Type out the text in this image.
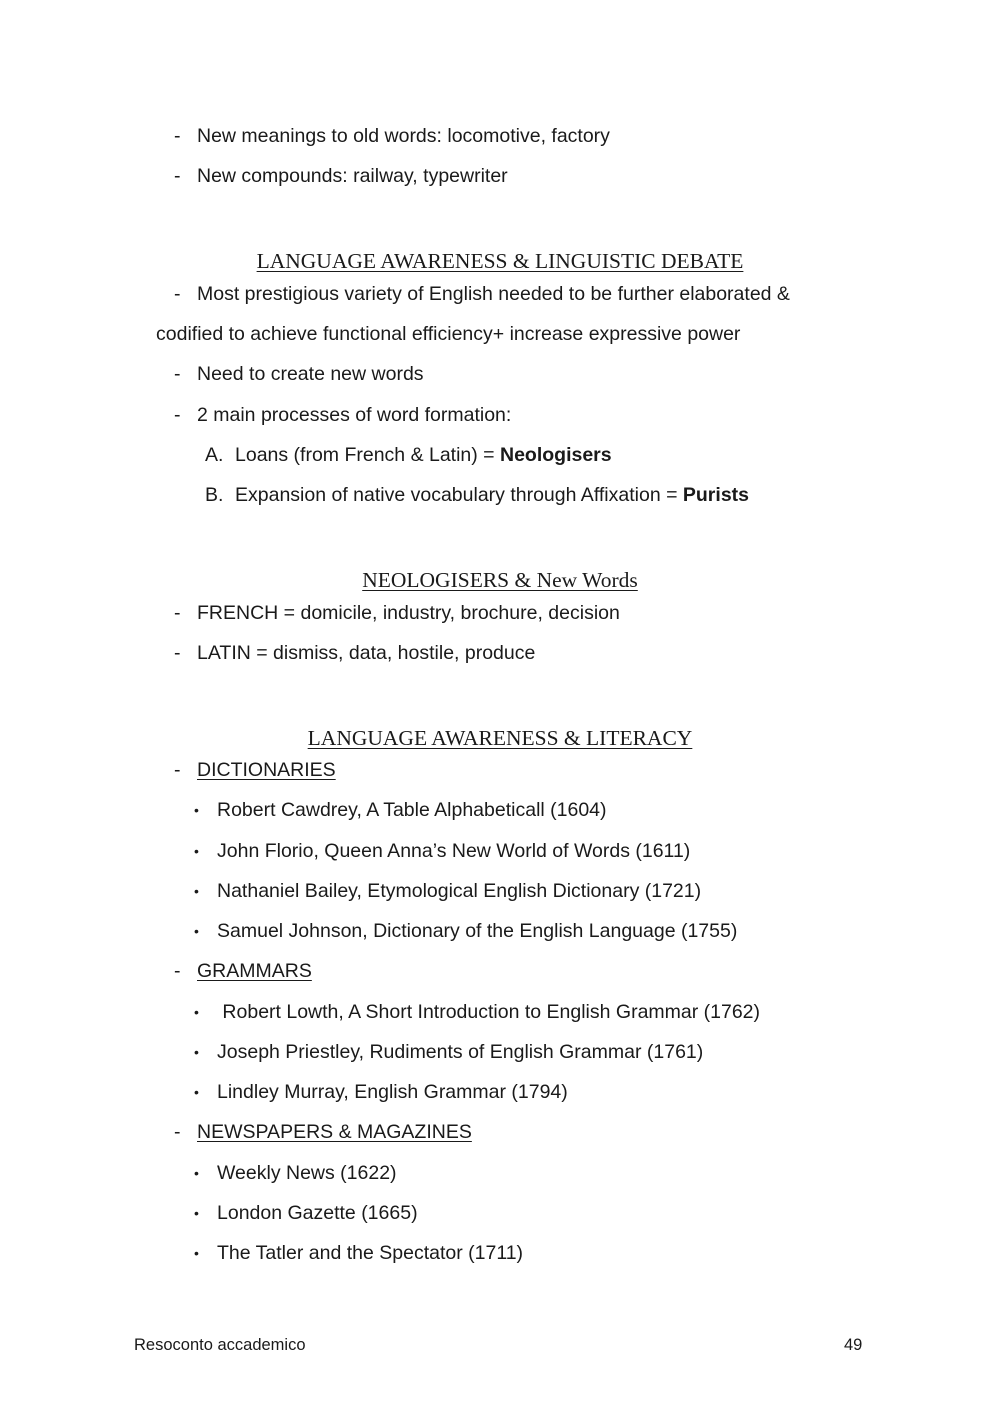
- New meanings to old words: locomotive, factory
- New compounds: railway, typewriter
LANGUAGE AWARENESS & LINGUISTIC DEBATE
- Most prestigious variety of English needed to be further elaborated &
codified to achieve functional efficiency+ increase expressive power
- Need to create new words
- 2 main processes of word formation:
A. Loans (from French & Latin) = Neologisers
B. Expansion of native vocabulary through Affixation = Purists
NEOLOGISERS & New Words
- FRENCH = domicile, industry, brochure, decision
- LATIN = dismiss, data, hostile, produce
LANGUAGE AWARENESS & LITERACY
- DICTIONARIES
• Robert Cawdrey, A Table Alphabeticall (1604)
• John Florio, Queen Anna’s New World of Words (1611)
• Nathaniel Bailey, Etymological English Dictionary (1721)
• Samuel Johnson, Dictionary of the English Language (1755)
- GRAMMARS
• Robert Lowth, A Short Introduction to English Grammar (1762)
• Joseph Priestley, Rudiments of English Grammar (1761)
• Lindley Murray, English Grammar (1794)
- NEWSPAPERS & MAGAZINES
• Weekly News (1622)
• London Gazette (1665)
• The Tatler and the Spectator (1711)
Resoconto accademico	49
